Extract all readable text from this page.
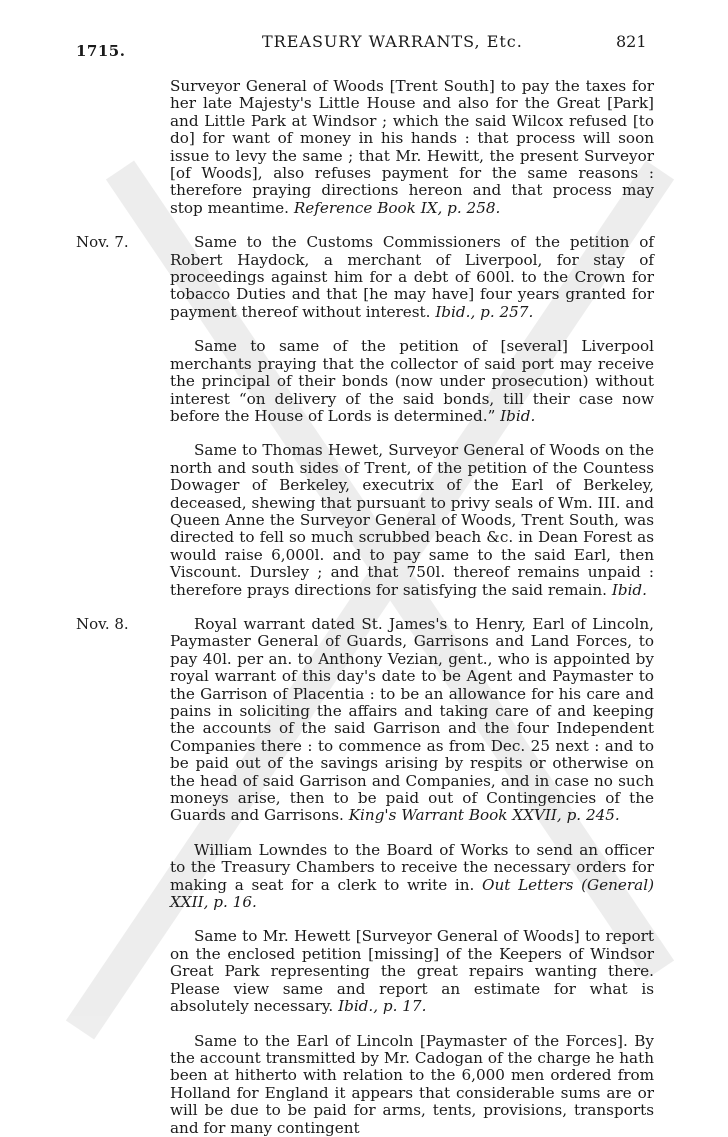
1715.	TREASURY WARRANTS, Etc.	821

Surveyor General of Woods [Trent South] to pay the taxes for her late Majesty's Little House and also for the Great [Park] and Little Park at Windsor ; which the said Wilcox refused [to do] for want of money in his hands : that process will soon issue to levy the same ; that Mr. Hewitt, the present Surveyor [of Woods], also refuses payment for the same reasons : therefore praying directions hereon and that process may stop meantime. Reference Book IX, p. 258.

Nov. 7.	Same to the Customs Commissioners of the petition of Robert Haydock, a merchant of Liverpool, for stay of proceedings against him for a debt of 600l. to the Crown for tobacco Duties and that [he may have] four years granted for payment thereof without interest. Ibid., p. 257.

Same to same of the petition of [several] Liverpool merchants praying that the collector of said port may receive the principal of their bonds (now under prosecution) without interest “on delivery of the said bonds, till their case now before the House of Lords is determined.” Ibid.

Same to Thomas Hewet, Surveyor General of Woods on the north and south sides of Trent, of the petition of the Countess Dowager of Berkeley, executrix of the Earl of Berkeley, deceased, shewing that pursuant to privy seals of Wm. III. and Queen Anne the Surveyor General of Woods, Trent South, was directed to fell so much scrubbed beach &c. in Dean Forest as would raise 6,000l. and to pay same to the said Earl, then Viscount. Dursley ; and that 750l. thereof remains unpaid : therefore prays directions for satisfying the said remain. Ibid.

Nov. 8.	Royal warrant dated St. James's to Henry, Earl of Lincoln, Paymaster General of Guards, Garrisons and Land Forces, to pay 40l. per an. to Anthony Vezian, gent., who is appointed by royal warrant of this day's date to be Agent and Paymaster to the Garrison of Placentia : to be an allowance for his care and pains in soliciting the affairs and taking care of and keeping the accounts of the said Garrison and the four Independent Companies there : to commence as from Dec. 25 next : and to be paid out of the savings arising by respits or otherwise on the head of said Garrison and Companies, and in case no such moneys arise, then to be paid out of Contingencies of the Guards and Garrisons. King's Warrant Book XXVII, p. 245.

William Lowndes to the Board of Works to send an officer to the Treasury Chambers to receive the necessary orders for making a seat for a clerk to write in. Out Letters (General) XXII, p. 16.

Same to Mr. Hewett [Surveyor General of Woods] to report on the enclosed petition [missing] of the Keepers of Windsor Great Park representing the great repairs wanting there. Please view same and report an estimate for what is absolutely necessary. Ibid., p. 17.

Same to the Earl of Lincoln [Paymaster of the Forces]. By the account transmitted by Mr. Cadogan of the charge he hath been at hitherto with relation to the 6,000 men ordered from Holland for England it appears that considerable sums are or will be due to be paid for arms, tents, provisions, transports and for many contingent
